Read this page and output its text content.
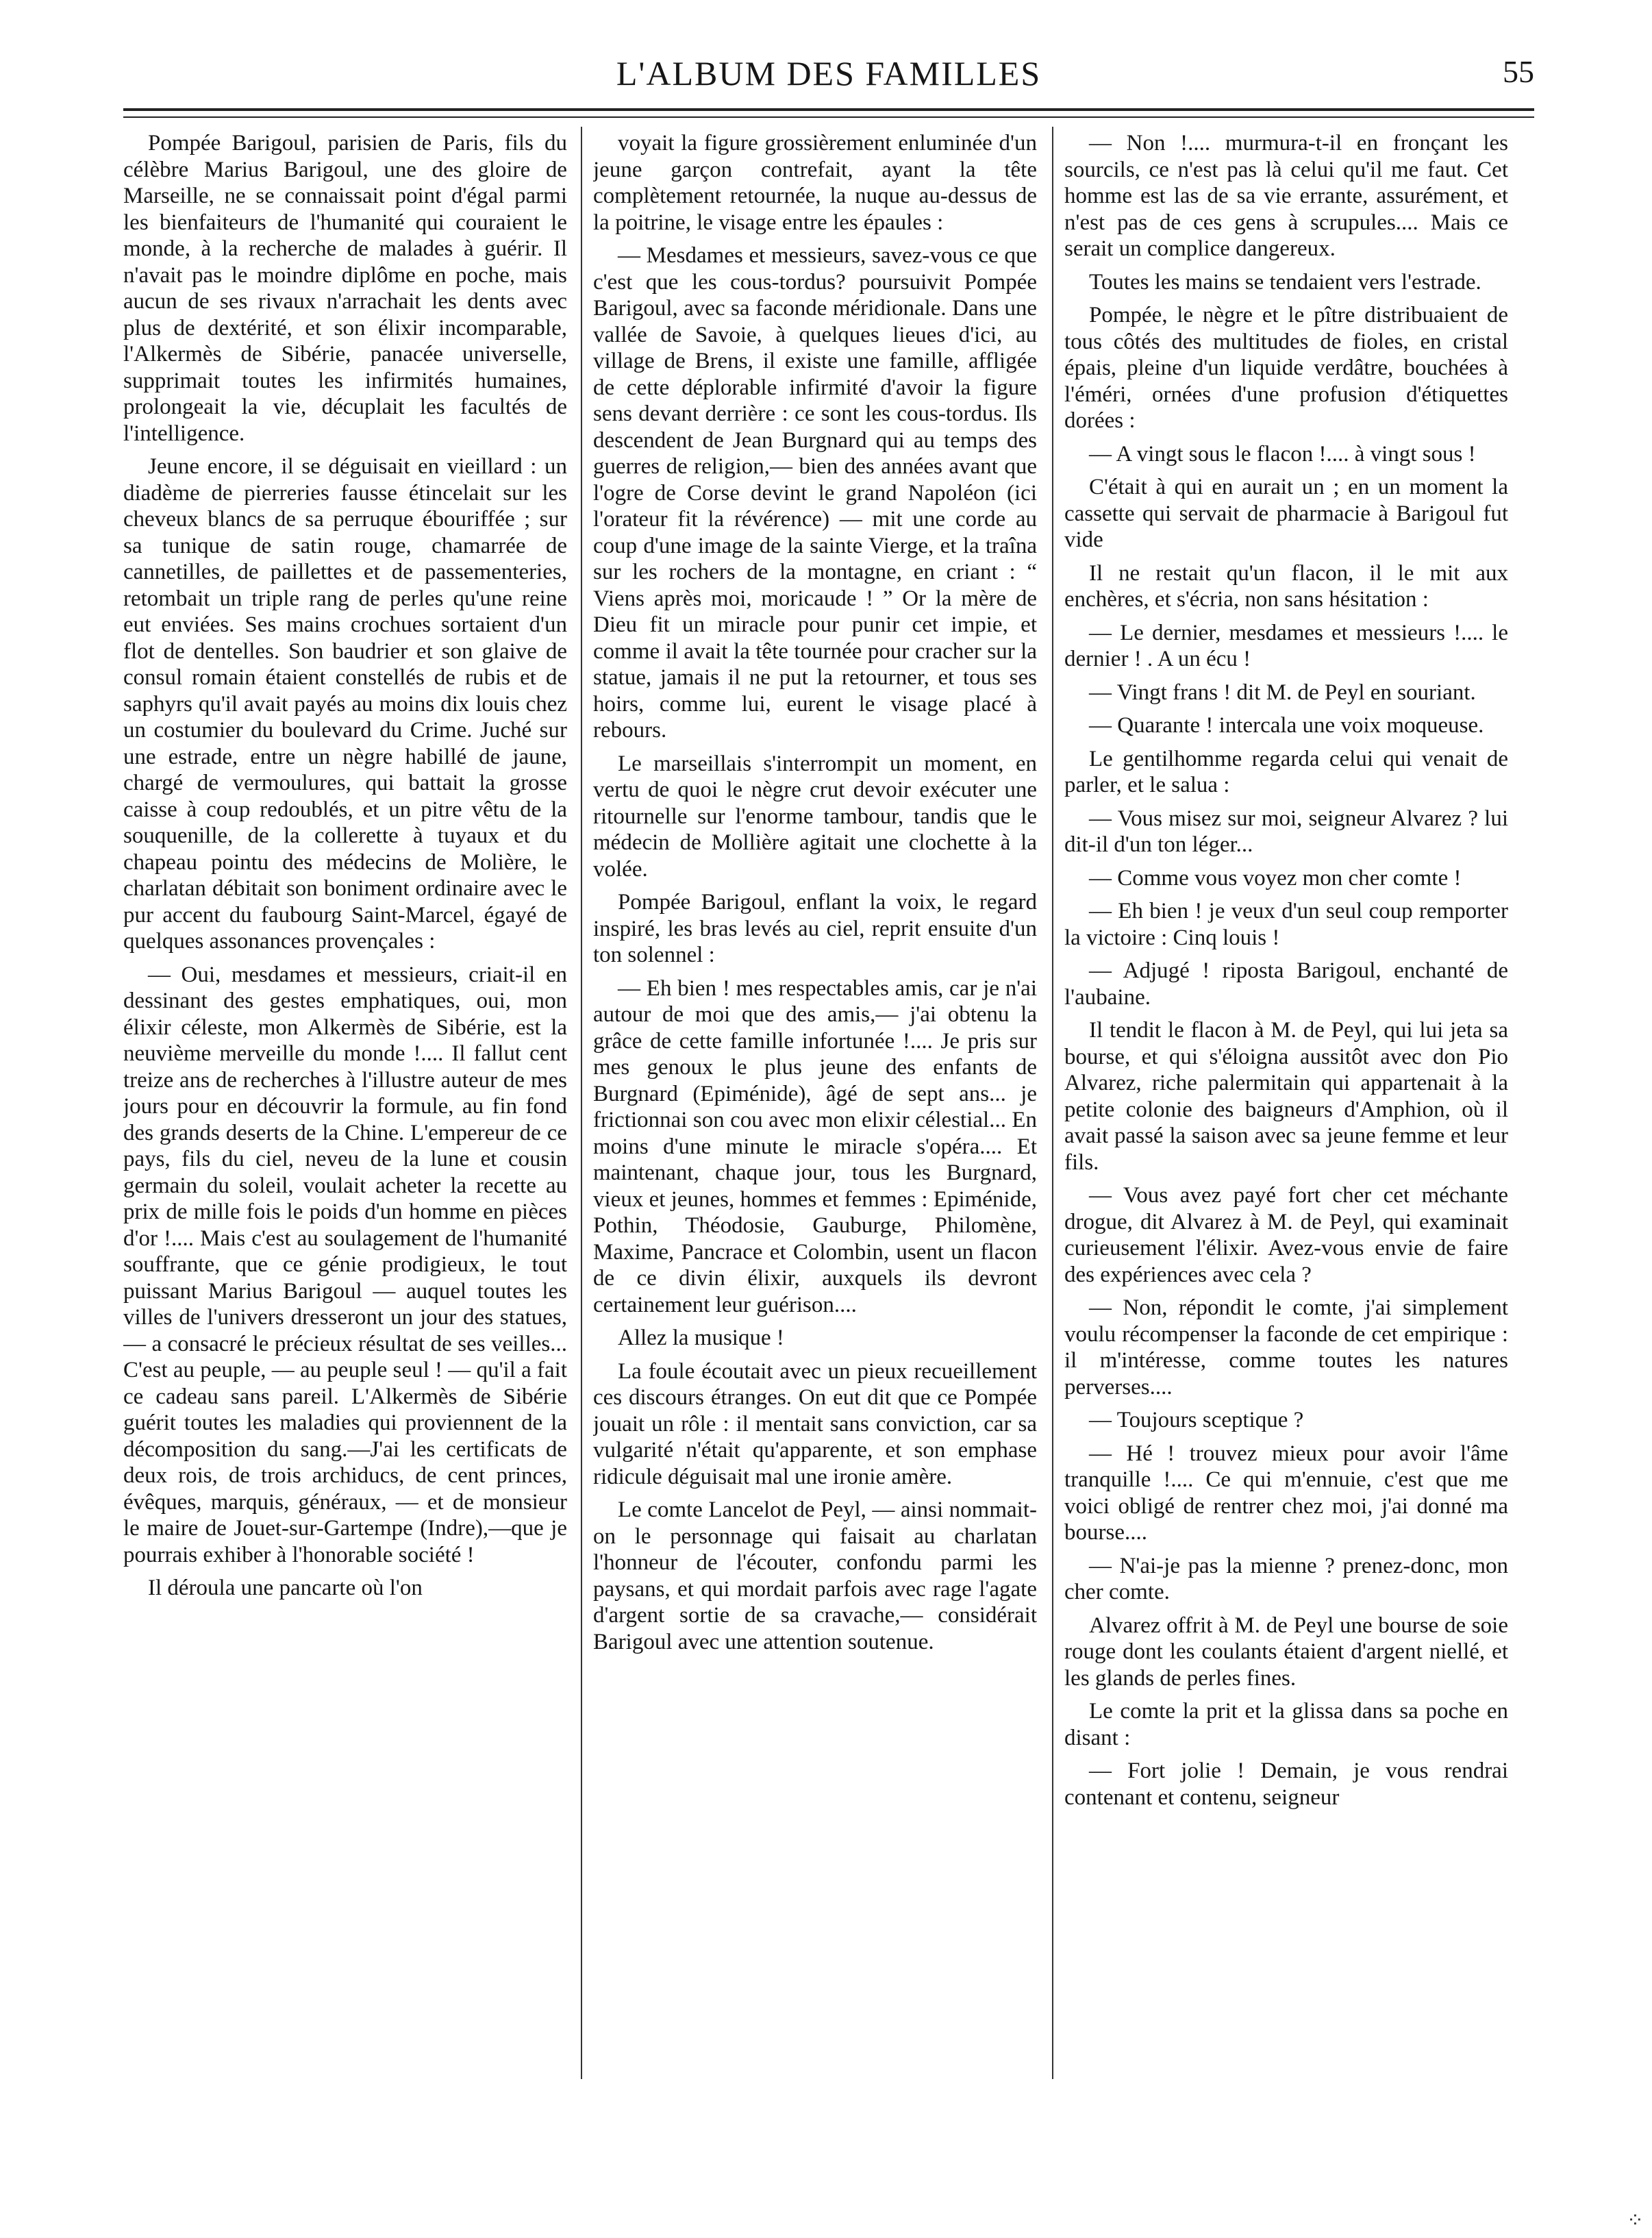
L'ALBUM DES FAMILLES	55

Pompée Barigoul, parisien de Paris, fils du célèbre Marius Barigoul, une des gloire de Marseille, ne se connaissait point d'égal parmi les bienfaiteurs de l'humanité qui couraient le monde, à la recherche de malades à guérir. Il n'avait pas le moindre diplôme en poche, mais aucun de ses rivaux n'arrachait les dents avec plus de dextérité, et son élixir incomparable, l'Alkermès de Sibérie, panacée universelle, supprimait toutes les infirmités humaines, prolongeait la vie, décuplait les facultés de l'intelligence.

Jeune encore, il se déguisait en vieillard : un diadème de pierreries fausse étincelait sur les cheveux blancs de sa perruque ébouriffée ; sur sa tunique de satin rouge, chamarrée de cannetilles, de paillettes et de passementeries, retombait un triple rang de perles qu'une reine eut enviées. Ses mains crochues sortaient d'un flot de dentelles. Son baudrier et son glaive de consul romain étaient constellés de rubis et de saphyrs qu'il avait payés au moins dix louis chez un costumier du boulevard du Crime. Juché sur une estrade, entre un nègre habillé de jaune, chargé de vermoulures, qui battait la grosse caisse à coup redoublés, et un pitre vêtu de la souquenille, de la collerette à tuyaux et du chapeau pointu des médecins de Molière, le charlatan débitait son boniment ordinaire avec le pur accent du faubourg Saint-Marcel, égayé de quelques assonances provençales :

— Oui, mesdames et messieurs, criait-il en dessinant des gestes emphatiques, oui, mon élixir céleste, mon Alkermès de Sibérie, est la neuvième merveille du monde !.... Il fallut cent treize ans de recherches à l'illustre auteur de mes jours pour en découvrir la formule, au fin fond des grands deserts de la Chine. L'empereur de ce pays, fils du ciel, neveu de la lune et cousin germain du soleil, voulait acheter la recette au prix de mille fois le poids d'un homme en pièces d'or !.... Mais c'est au soulagement de l'humanité souffrante, que ce génie prodigieux, le tout puissant Marius Barigoul — auquel toutes les villes de l'univers dresseront un jour des statues, — a consacré le précieux résultat de ses veilles... C'est au peuple, — au peuple seul ! — qu'il a fait ce cadeau sans pareil. L'Alkermès de Sibérie guérit toutes les maladies qui proviennent de la décomposition du sang.—J'ai les certificats de deux rois, de trois archiducs, de cent princes, évêques, marquis, généraux, — et de monsieur le maire de Jouet-sur-Gartempe (Indre),—que je pourrais exhiber à l'honorable société !

Il déroula une pancarte où l'on

voyait la figure grossièrement enluminée d'un jeune garçon contrefait, ayant la tête complètement retournée, la nuque au-dessus de la poitrine, le visage entre les épaules :

— Mesdames et messieurs, savez-vous ce que c'est que les cous-tordus? poursuivit Pompée Barigoul, avec sa faconde méridionale. Dans une vallée de Savoie, à quelques lieues d'ici, au village de Brens, il existe une famille, affligée de cette déplorable infirmité d'avoir la figure sens devant derrière : ce sont les cous-tordus. Ils descendent de Jean Burgnard qui au temps des guerres de religion,— bien des années avant que l'ogre de Corse devint le grand Napoléon (ici l'orateur fit la révérence) — mit une corde au coup d'une image de la sainte Vierge, et la traîna sur les rochers de la montagne, en criant : “ Viens après moi, moricaude ! ” Or la mère de Dieu fit un miracle pour punir cet impie, et comme il avait la tête tournée pour cracher sur la statue, jamais il ne put la retourner, et tous ses hoirs, comme lui, eurent le visage placé à rebours.

Le marseillais s'interrompit un moment, en vertu de quoi le nègre crut devoir exécuter une ritournelle sur l'enorme tambour, tandis que le médecin de Mollière agitait une clochette à la volée.

Pompée Barigoul, enflant la voix, le regard inspiré, les bras levés au ciel, reprit ensuite d'un ton solennel :

— Eh bien ! mes respectables amis, car je n'ai autour de moi que des amis,— j'ai obtenu la grâce de cette famille infortunée !.... Je pris sur mes genoux le plus jeune des enfants de Burgnard (Epiménide), âgé de sept ans... je frictionnai son cou avec mon elixir célestial... En moins d'une minute le miracle s'opéra.... Et maintenant, chaque jour, tous les Burgnard, vieux et jeunes, hommes et femmes : Epiménide, Pothin, Théodosie, Gauburge, Philomène, Maxime, Pancrace et Colombin, usent un flacon de ce divin élixir, auxquels ils devront certainement leur guérison....

Allez la musique !

La foule écoutait avec un pieux recueillement ces discours étranges. On eut dit que ce Pompée jouait un rôle : il mentait sans conviction, car sa vulgarité n'était qu'apparente, et son emphase ridicule déguisait mal une ironie amère.

Le comte Lancelot de Peyl, — ainsi nommait-on le personnage qui faisait au charlatan l'honneur de l'écouter, confondu parmi les paysans, et qui mordait parfois avec rage l'agate d'argent sortie de sa cravache,— considérait Barigoul avec une attention soutenue.

— Non !.... murmura-t-il en fronçant les sourcils, ce n'est pas là celui qu'il me faut. Cet homme est las de sa vie errante, assurément, et n'est pas de ces gens à scrupules.... Mais ce serait un complice dangereux.

Toutes les mains se tendaient vers l'estrade.

Pompée, le nègre et le pître distribuaient de tous côtés des multitudes de fioles, en cristal épais, pleine d'un liquide verdâtre, bouchées à l'éméri, ornées d'une profusion d'étiquettes dorées :

— A vingt sous le flacon !.... à vingt sous !

C'était à qui en aurait un ; en un moment la cassette qui servait de pharmacie à Barigoul fut vide

Il ne restait qu'un flacon, il le mit aux enchères, et s'écria, non sans hésitation :

— Le dernier, mesdames et messieurs !.... le dernier ! . A un écu !

— Vingt frans ! dit M. de Peyl en souriant.

— Quarante ! intercala une voix moqueuse.

Le gentilhomme regarda celui qui venait de parler, et le salua :

— Vous misez sur moi, seigneur Alvarez ? lui dit-il d'un ton léger...

— Comme vous voyez mon cher comte !

— Eh bien ! je veux d'un seul coup remporter la victoire : Cinq louis !

— Adjugé ! riposta Barigoul, enchanté de l'aubaine.

Il tendit le flacon à M. de Peyl, qui lui jeta sa bourse, et qui s'éloigna aussitôt avec don Pio Alvarez, riche palermitain qui appartenait à la petite colonie des baigneurs d'Amphion, où il avait passé la saison avec sa jeune femme et leur fils.

— Vous avez payé fort cher cet méchante drogue, dit Alvarez à M. de Peyl, qui examinait curieusement l'élixir. Avez-vous envie de faire des expériences avec cela ?

— Non, répondit le comte, j'ai simplement voulu récompenser la faconde de cet empirique : il m'intéresse, comme toutes les natures perverses....

— Toujours sceptique ?

— Hé ! trouvez mieux pour avoir l'âme tranquille !.... Ce qui m'ennuie, c'est que me voici obligé de rentrer chez moi, j'ai donné ma bourse....

— N'ai-je pas la mienne ? prenez-donc, mon cher comte.

Alvarez offrit à M. de Peyl une bourse de soie rouge dont les coulants étaient d'argent niellé, et les glands de perles fines.

Le comte la prit et la glissa dans sa poche en disant :

— Fort jolie ! Demain, je vous rendrai contenant et contenu, seigneur

⁘
